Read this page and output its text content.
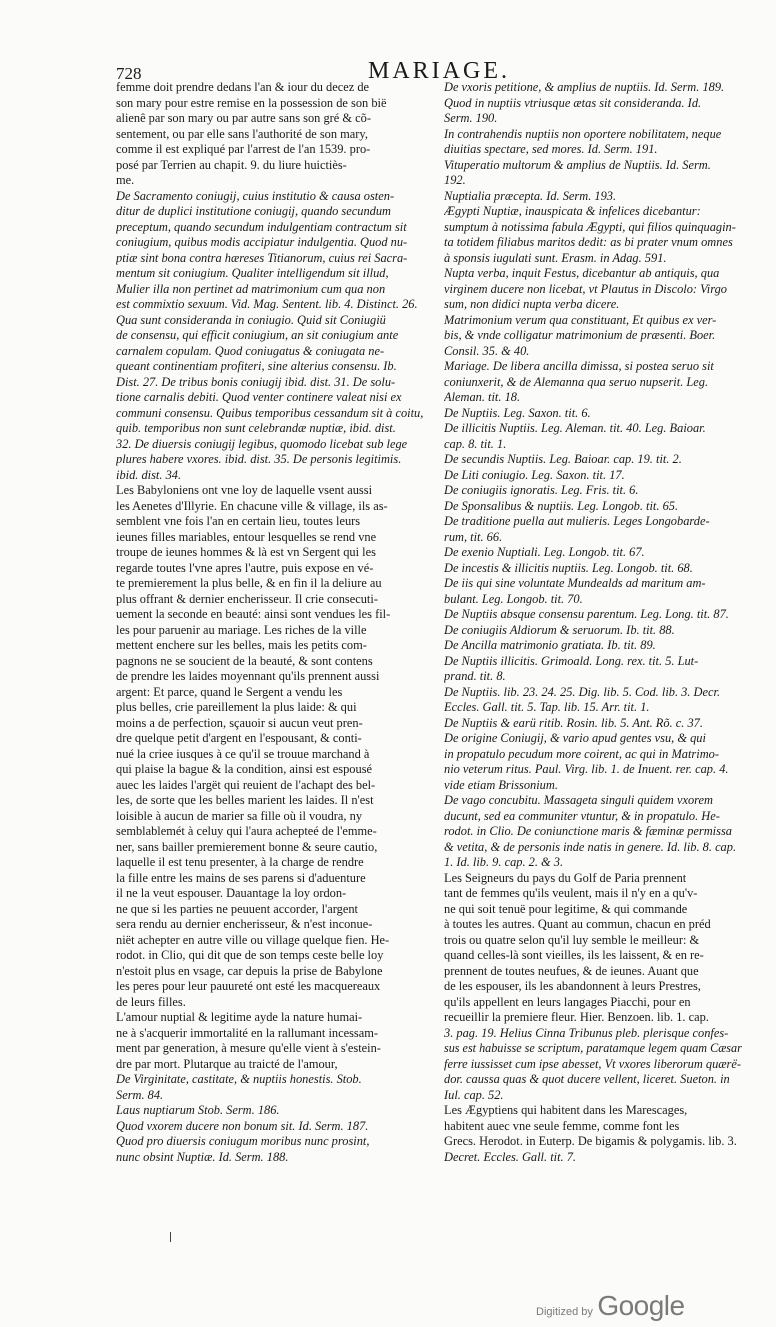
728	MARIAGE.
femme doit prendre dedans l'an & iour du decez de
son mary pour estre remise en la possession de son bië
alienê par son mary ou par autre sans son gré & cõ-
sentement, ou par elle sans l'authorité de son mary,
comme il est expliqué par l'arrest de l'an 1539. pro-
posé par Terrien au chapit. 9. du liure huictiès-
me.
De Sacramento coniugij, cuius institutio & causa osten-
ditur de duplici institutione coniugij, quando secundum
preceptum, quando secundum indulgentiam contractum sit
coniugium, quibus modis accipiatur indulgentia. Quod nu-
ptiæ sint bona contra hæreses Titianorum, cuius rei Sacra-
mentum sit coniugium. Qualiter intelligendum sit illud,
Mulier illa non pertinet ad matrimonium cum qua non
est commixtio sexuum. Vid. Mag. Sentent. lib. 4. Distinct. 26.
Qua sunt consideranda in coniugio. Quid sit Coniugiü
de consensu, qui efficit coniugium, an sit coniugium ante
carnalem copulam. Quod coniugatus & coniugata ne-
queant continentiam profiteri, sine alterius consensu. Ib.
Dist. 27. De tribus bonis coniugij ibid. dist. 31. De solu-
tione carnalis debiti. Quod venter continere valeat nisi ex
communi consensu. Quibus temporibus cessandum sit à coitu,
quib. temporibus non sunt celebrandæ nuptiæ, ibid. dist.
32. De diuersis coniugij legibus, quomodo licebat sub lege
plures habere vxores. ibid. dist. 35. De personis legitimis.
ibid. dist. 34.
Les Babyloniens ont vne loy de laquelle vsent aussi
les Aenetes d'Illyrie. En chacune ville & village, ils as-
semblent vne fois l'an en certain lieu, toutes leurs
ieunes filles mariables, entour lesquelles se rend vne
troupe de ieunes hommes & là est vn Sergent qui les
regarde toutes l'vne apres l'autre, puis expose en vé-
te premierement la plus belle, & en fin il la deliure au
plus offrant & dernier encherisseur. Il crie consecuti-
uement la seconde en beauté: ainsi sont vendues les fil-
les pour paruenir au mariage. Les riches de la ville
mettent enchere sur les belles, mais les petits com-
pagnons ne se soucient de la beauté, & sont contens
de prendre les laides moyennant qu'ils prennent aussi
argent: Et parce, quand le Sergent a vendu les
plus belles, crie pareillement la plus laide: & qui
moins a de perfection, sçauoir si aucun veut pren-
dre quelque petit d'argent en l'espousant, & conti-
nué la criee iusques à ce qu'il se trouue marchand à
qui plaise la bague & la condition, ainsi est espousé
auec les laides l'argët qui reuient de l'achapt des bel-
les, de sorte que les belles marient les laides. Il n'est
loisible à aucun de marier sa fille où il voudra, ny
semblablemét à celuy qui l'aura achepteé de l'emme-
ner, sans bailler premierement bonne & seure cautio,
laquelle il est tenu presenter, à la charge de rendre
la fille entre les mains de ses parens si d'aduenture
il ne la veut espouser. Dauantage la loy ordon-
ne que si les parties ne peuuent accorder, l'argent
sera rendu au dernier encherisseur, & n'est inconue-
niët achepter en autre ville ou village quelque fien. He-
rodot. in Clio, qui dit que de son temps ceste belle loy
n'estoit plus en vsage, car depuis la prise de Babylone
les peres pour leur pauureté ont esté les macquereaux
de leurs filles.
L'amour nuptial & legitime ayde la nature humai-
ne à s'acquerir immortalité en la rallumant incessam-
ment par generation, à mesure qu'elle vient à s'estein-
dre par mort. Plutarque au traicté de l'amour,
De Virginitate, castitate, & nuptiis honestis. Stob.
Serm. 84.
Laus nuptiarum Stob. Serm. 186.
Quod vxorem ducere non bonum sit. Id. Serm. 187.
Quod pro diuersis coniugum moribus nunc prosint,
nunc obsint Nuptiæ. Id. Serm. 188.
De vxoris petitione, & amplius de nuptiis. Id. Serm. 189.
Quod in nuptiis vtriusque ætas sit consideranda. Id.
Serm. 190.
In contrahendis nuptiis non oportere nobilitatem, neque
diuitias spectare, sed mores. Id. Serm. 191.
Vituperatio multorum & amplius de Nuptiis. Id. Serm.
192.
Nuptialia præcepta. Id. Serm. 193.
Ægypti Nuptiæ, inauspicata & infelices dicebantur:
sumptum à notissima fabula Ægypti, qui filios quinquagin-
ta totidem filiabus maritos dedit: as bi prater vnum omnes
à sponsis iugulati sunt. Erasm. in Adag. 591.
Nupta verba, inquit Festus, dicebantur ab antiquis, qua
virginem ducere non licebat, vt Plautus in Discolo: Virgo
sum, non didici nupta verba dicere.
Matrimonium verum qua constituant, Et quibus ex ver-
bis, & vnde colligatur matrimonium de præsenti. Boer.
Consil. 35. & 40.
Mariage. De libera ancilla dimissa, si postea seruo sit
coniunxerit, & de Alemanna qua seruo nupserit. Leg.
Aleman. tit. 18.
De Nuptiis. Leg. Saxon. tit. 6.
De illicitis Nuptiis. Leg. Aleman. tit. 40. Leg. Baioar.
cap. 8. tit. 1.
De secundis Nuptiis. Leg. Baioar. cap. 19. tit. 2.
De Liti coniugio. Leg. Saxon. tit. 17.
De coniugiis ignoratis. Leg. Fris. tit. 6.
De Sponsalibus & nuptiis. Leg. Longob. tit. 65.
De traditione puella aut mulieris. Leges Longobarde-
rum, tit. 66.
De exenio Nuptiali. Leg. Longob. tit. 67.
De incestis & illicitis nuptiis. Leg. Longob. tit. 68.
De iis qui sine voluntate Mundealds ad maritum am-
bulant. Leg. Longob. tit. 70.
De Nuptiis absque consensu parentum. Leg. Long. tit. 87.
De coniugiis Aldiorum & seruorum. Ib. tit. 88.
De Ancilla matrimonio gratiata. Ib. tit. 89.
De Nuptiis illicitis. Grimoald. Long. rex. tit. 5. Lut-
prand. tit. 8.
De Nuptiis. lib. 23. 24. 25. Dig. lib. 5. Cod. lib. 3. Decr.
Eccles. Gall. tit. 5. Tap. lib. 15. Arr. tit. 1.
De Nuptiis & earü ritib. Rosin. lib. 5. Ant. Rõ. c. 37.
De origine Coniugij, & vario apud gentes vsu, & qui
in propatulo pecudum more coirent, ac qui in Matrimo-
nio veterum ritus. Paul. Virg. lib. 1. de Inuent. rer. cap. 4.
vide etiam Brissonium.
De vago concubitu. Massageta singuli quidem vxorem
ducunt, sed ea communiter vtuntur, & in propatulo. He-
rodot. in Clio. De coniunctione maris & fæminæ permissa
& vetita, & de personis inde natis in genere. Id. lib. 8. cap.
1. Id. lib. 9. cap. 2. & 3.
Les Seigneurs du pays du Golf de Paria prennent
tant de femmes qu'ils veulent, mais il n'y en a qu'v-
ne qui soit tenuë pour legitime, & qui commande
à toutes les autres. Quant au commun, chacun en préd
trois ou quatre selon qu'il luy semble le meilleur: &
quand celles-là sont vieilles, ils les laissent, & en re-
prennent de toutes neufues, & de ieunes. Auant que
de les espouser, ils les abandonnent à leurs Prestres,
qu'ils appellent en leurs langages Piacchi, pour en
recueillir la premiere fleur. Hier. Benzoen. lib. 1. cap.
3. pag. 19. Helius Cinna Tribunus pleb. plerisque confes-
sus est habuisse se scriptum, paratamque legem quam Cæsar
ferre iussisset cum ipse abesset, Vt vxores liberorum quærë-
dor. caussa quas & quot ducere vellent, liceret. Sueton. in
Iul. cap. 52.
Les Ægyptiens qui habitent dans les Marescages,
habitent auec vne seule femme, comme font les
Grecs. Herodot. in Euterp. De bigamis & polygamis. lib. 3.
Decret. Eccles. Gall. tit. 7.
Digitized by Google
